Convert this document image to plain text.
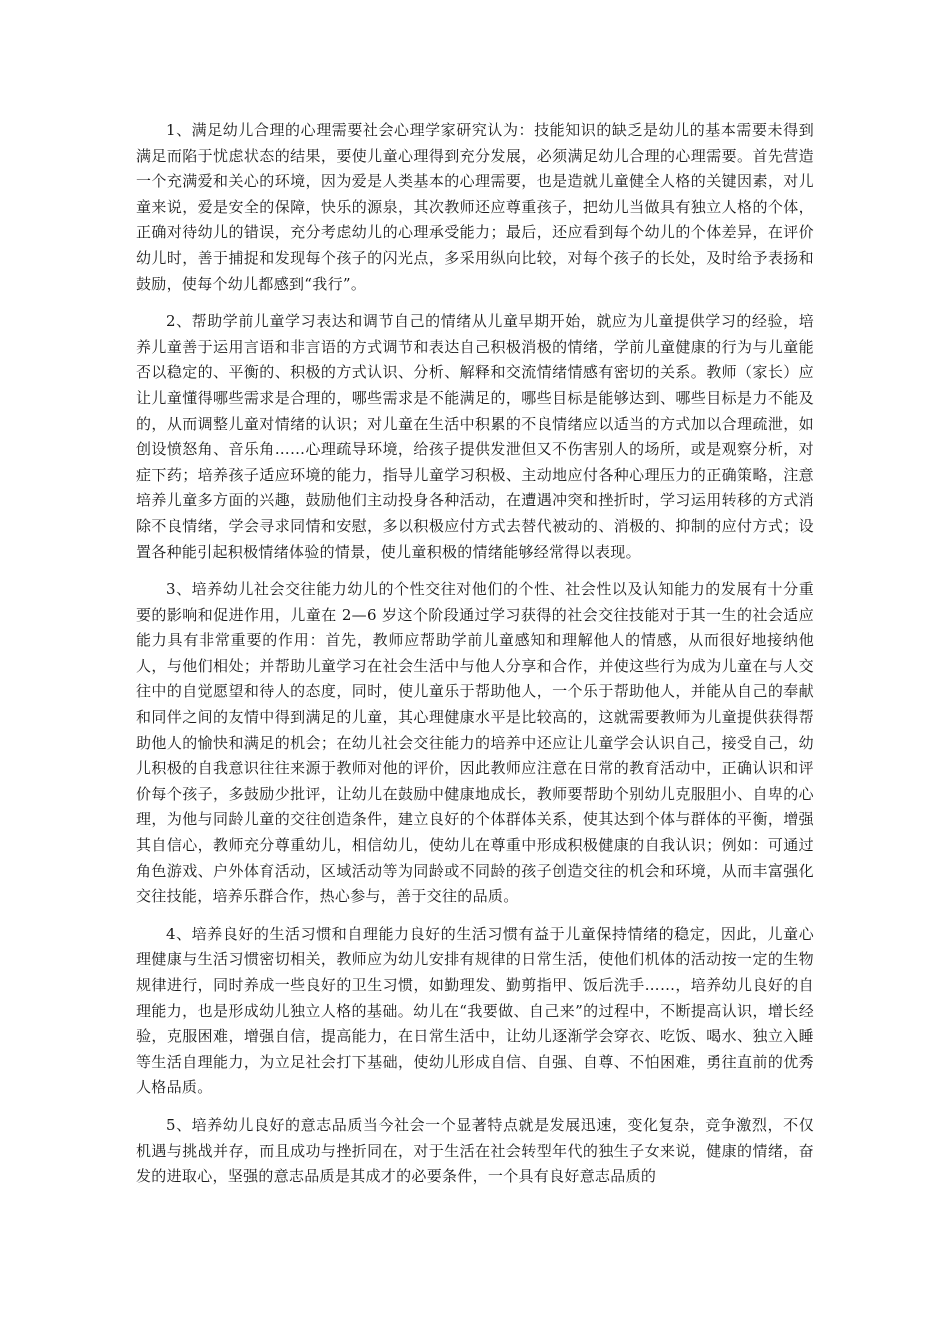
1、满足幼儿合理的心理需要社会心理学家研究认为：技能知识的缺乏是幼儿的基本需要未得到满足而陷于忧虑状态的结果，要使儿童心理得到充分发展，必须满足幼儿合理的心理需要。首先营造一个充满爱和关心的环境，因为爱是人类基本的心理需要，也是造就儿童健全人格的关键因素，对儿童来说，爱是安全的保障，快乐的源泉，其次教师还应尊重孩子，把幼儿当做具有独立人格的个体，正确对待幼儿的错误，充分考虑幼儿的心理承受能力；最后，还应看到每个幼儿的个体差异，在评价幼儿时，善于捕捉和发现每个孩子的闪光点，多采用纵向比较，对每个孩子的长处，及时给予表扬和鼓励，使每个幼儿都感到“我行”。

2、帮助学前儿童学习表达和调节自己的情绪从儿童早期开始，就应为儿童提供学习的经验，培养儿童善于运用言语和非言语的方式调节和表达自己积极消极的情绪，学前儿童健康的行为与儿童能否以稳定的、平衡的、积极的方式认识、分析、解释和交流情绪情感有密切的关系。教师（家长）应让儿童懂得哪些需求是合理的，哪些需求是不能满足的，哪些目标是能够达到、哪些目标是力不能及的，从而调整儿童对情绪的认识；对儿童在生活中积累的不良情绪应以适当的方式加以合理疏泄，如创设愤怒角、音乐角……心理疏导环境，给孩子提供发泄但又不伤害别人的场所，或是观察分析，对症下药；培养孩子适应环境的能力，指导儿童学习积极、主动地应付各种心理压力的正确策略，注意培养儿童多方面的兴趣，鼓励他们主动投身各种活动，在遭遇冲突和挫折时，学习运用转移的方式消除不良情绪，学会寻求同情和安慰，多以积极应付方式去替代被动的、消极的、抑制的应付方式；设置各种能引起积极情绪体验的情景，使儿童积极的情绪能够经常得以表现。

3、培养幼儿社会交往能力幼儿的个性交往对他们的个性、社会性以及认知能力的发展有十分重要的影响和促进作用，儿童在 2—6 岁这个阶段通过学习获得的社会交往技能对于其一生的社会适应能力具有非常重要的作用：首先，教师应帮助学前儿童感知和理解他人的情感，从而很好地接纳他人，与他们相处；并帮助儿童学习在社会生活中与他人分享和合作，并使这些行为成为儿童在与人交往中的自觉愿望和待人的态度，同时，使儿童乐于帮助他人，一个乐于帮助他人，并能从自己的奉献和同伴之间的友情中得到满足的儿童，其心理健康水平是比较高的，这就需要教师为儿童提供获得帮助他人的愉快和满足的机会；在幼儿社会交往能力的培养中还应让儿童学会认识自己，接受自己，幼儿积极的自我意识往往来源于教师对他的评价，因此教师应注意在日常的教育活动中，正确认识和评价每个孩子，多鼓励少批评，让幼儿在鼓励中健康地成长，教师要帮助个别幼儿克服胆小、自卑的心理，为他与同龄儿童的交往创造条件，建立良好的个体群体关系，使其达到个体与群体的平衡，增强其自信心，教师充分尊重幼儿，相信幼儿，使幼儿在尊重中形成积极健康的自我认识；例如：可通过角色游戏、户外体育活动，区域活动等为同龄或不同龄的孩子创造交往的机会和环境，从而丰富强化交往技能，培养乐群合作，热心参与，善于交往的品质。

4、培养良好的生活习惯和自理能力良好的生活习惯有益于儿童保持情绪的稳定，因此，儿童心理健康与生活习惯密切相关，教师应为幼儿安排有规律的日常生活，使他们机体的活动按一定的生物规律进行，同时养成一些良好的卫生习惯，如勤理发、勤剪指甲、饭后洗手……，培养幼儿良好的自理能力，也是形成幼儿独立人格的基础。幼儿在“我要做、自己来”的过程中，不断提高认识，增长经验，克服困难，增强自信，提高能力，在日常生活中，让幼儿逐渐学会穿衣、吃饭、喝水、独立入睡等生活自理能力，为立足社会打下基础，使幼儿形成自信、自强、自尊、不怕困难，勇往直前的优秀人格品质。

5、培养幼儿良好的意志品质当今社会一个显著特点就是发展迅速，变化复杂，竞争激烈，不仅机遇与挑战并存，而且成功与挫折同在，对于生活在社会转型年代的独生子女来说，健康的情绪，奋发的进取心，坚强的意志品质是其成才的必要条件，一个具有良好意志品质的
